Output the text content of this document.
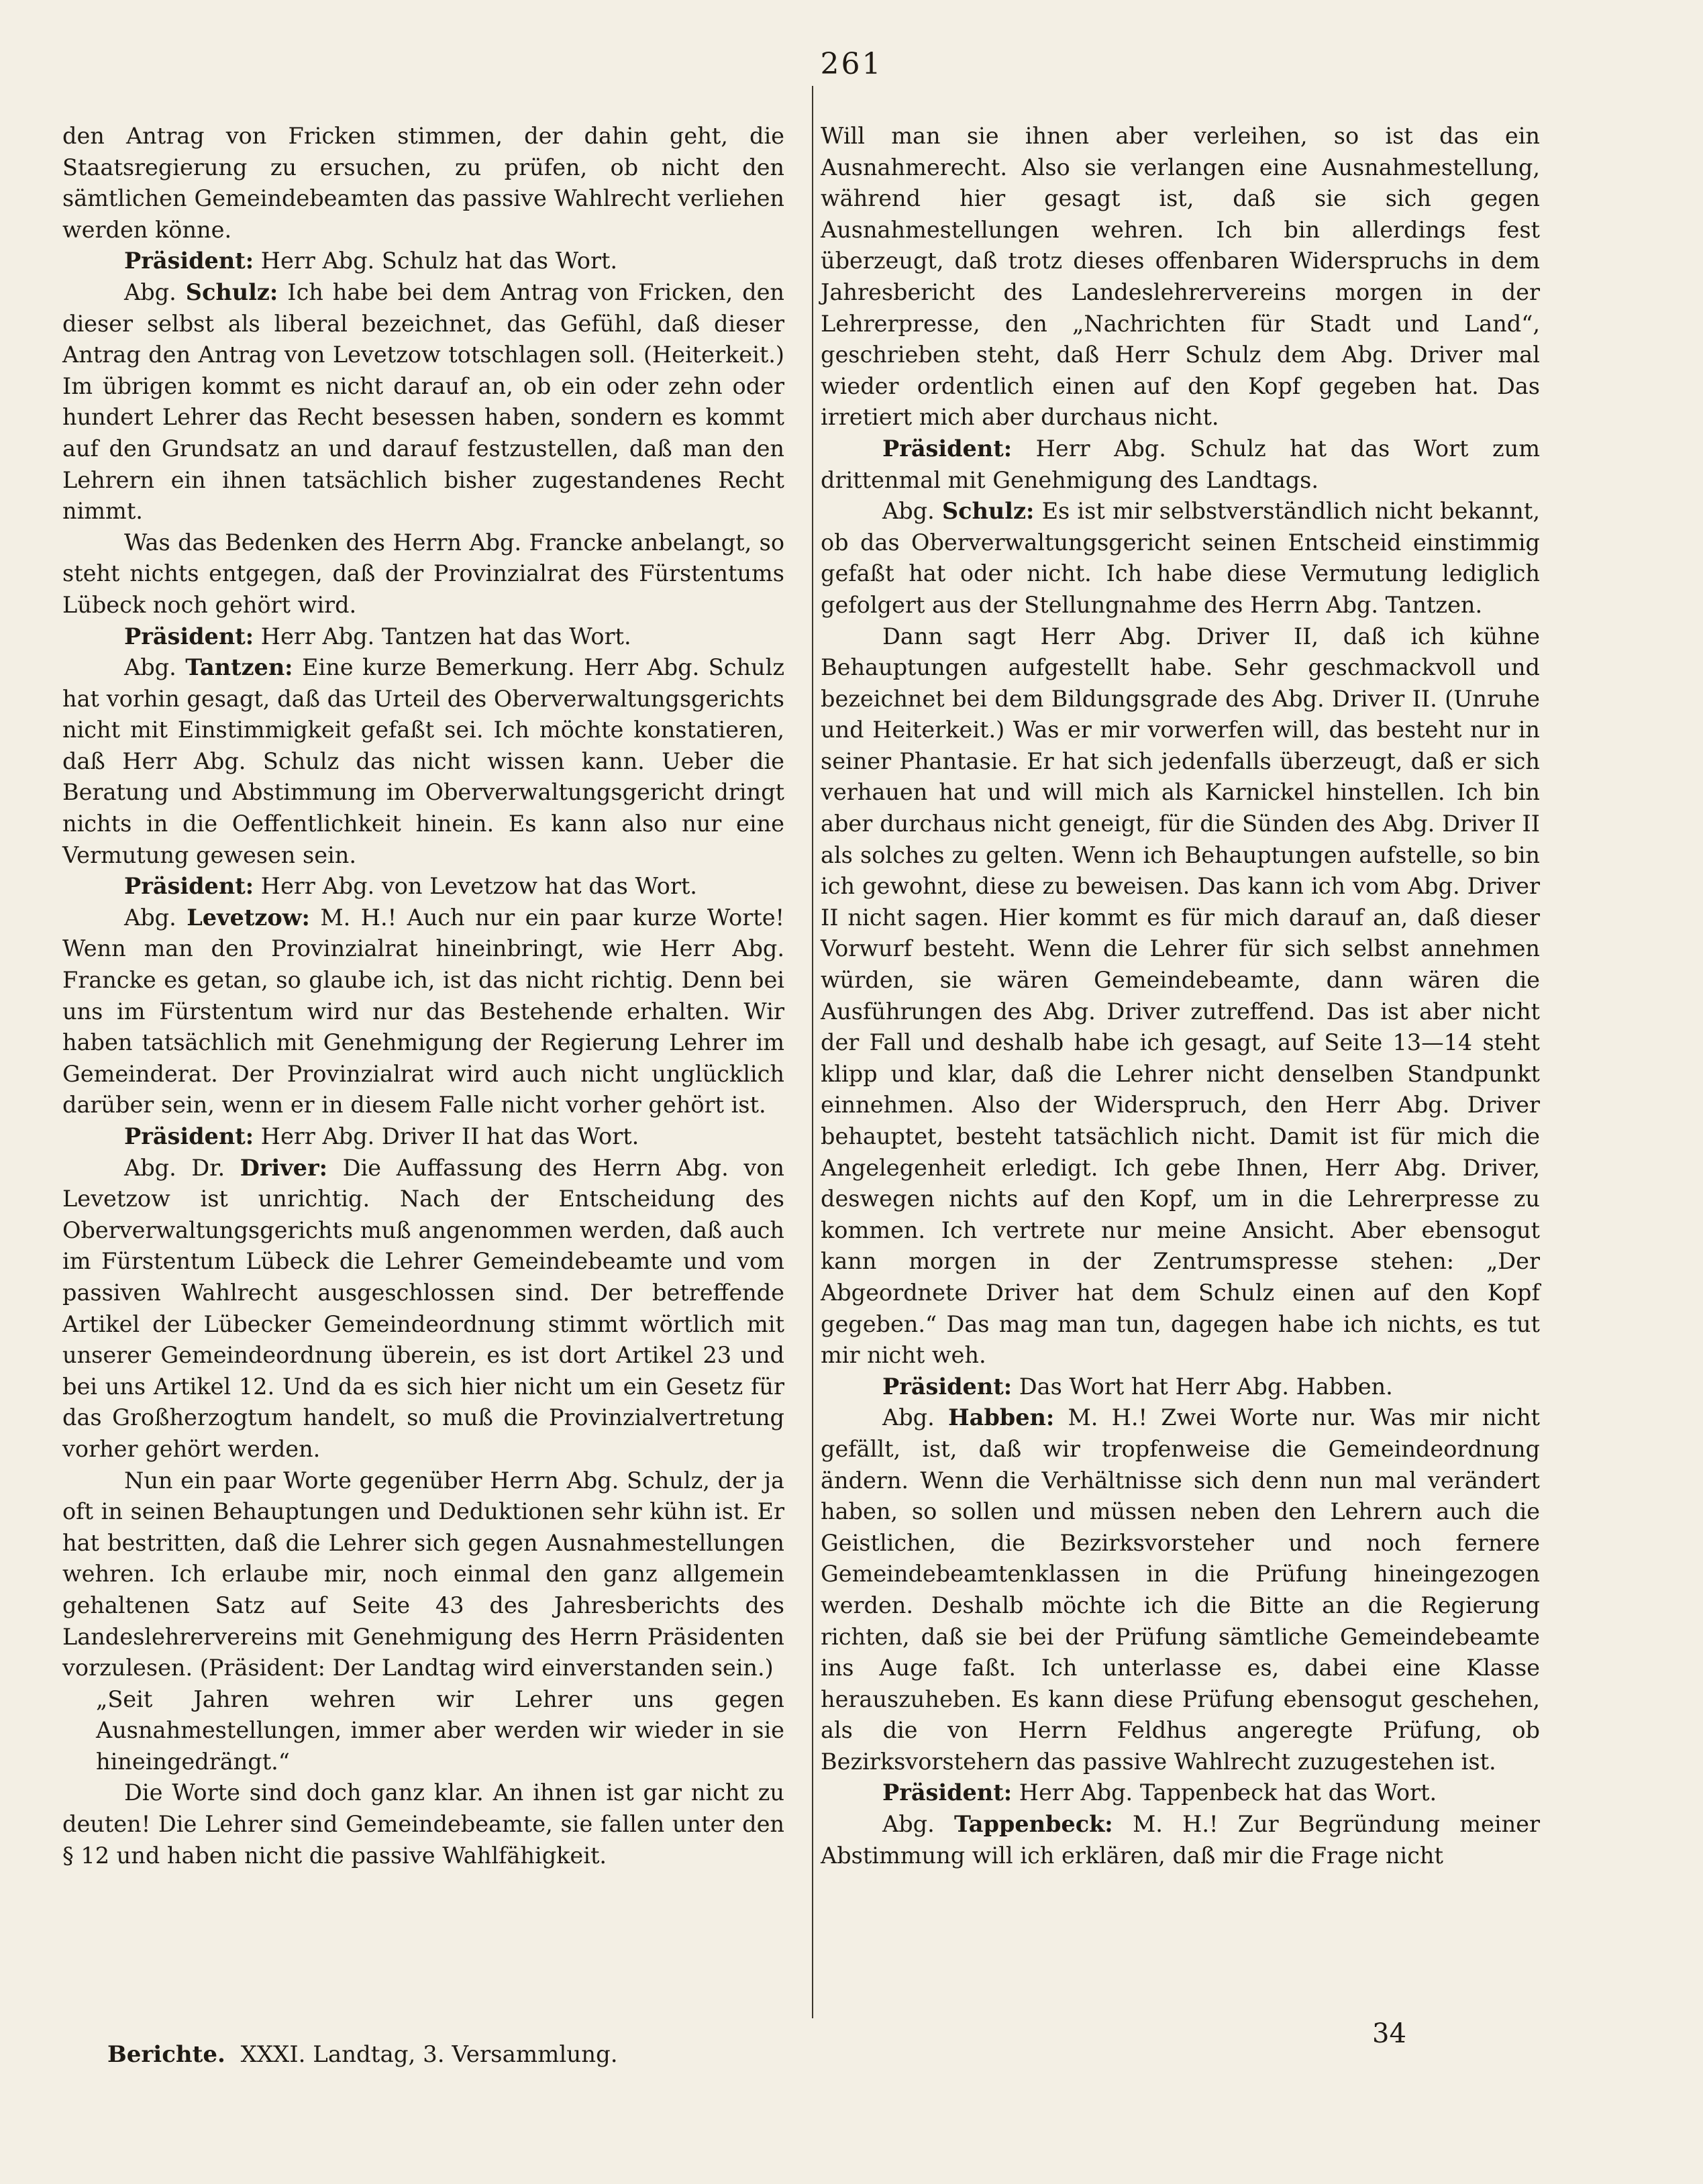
261

den Antrag von Fricken stimmen, der dahin geht, die Staatsregierung zu ersuchen, zu prüfen, ob nicht den sämtlichen Gemeindebeamten das passive Wahlrecht verliehen werden könne.

Präsident: Herr Abg. Schulz hat das Wort.

Abg. Schulz: Ich habe bei dem Antrag von Fricken, den dieser selbst als liberal bezeichnet, das Gefühl, daß dieser Antrag den Antrag von Levetzow totschlagen soll. (Heiterkeit.) Im übrigen kommt es nicht darauf an, ob ein oder zehn oder hundert Lehrer das Recht besessen haben, sondern es kommt auf den Grundsatz an und darauf festzustellen, daß man den Lehrern ein ihnen tatsächlich bisher zugestandenes Recht nimmt.

Was das Bedenken des Herrn Abg. Francke anbelangt, so steht nichts entgegen, daß der Provinzialrat des Fürstentums Lübeck noch gehört wird.

Präsident: Herr Abg. Tantzen hat das Wort.

Abg. Tantzen: Eine kurze Bemerkung. Herr Abg. Schulz hat vorhin gesagt, daß das Urteil des Oberverwaltungsgerichts nicht mit Einstimmigkeit gefaßt sei. Ich möchte konstatieren, daß Herr Abg. Schulz das nicht wissen kann. Ueber die Beratung und Abstimmung im Oberverwaltungsgericht dringt nichts in die Oeffentlichkeit hinein. Es kann also nur eine Vermutung gewesen sein.

Präsident: Herr Abg. von Levetzow hat das Wort.

Abg. Levetzow: M. H.! Auch nur ein paar kurze Worte! Wenn man den Provinzialrat hineinbringt, wie Herr Abg. Francke es getan, so glaube ich, ist das nicht richtig. Denn bei uns im Fürstentum wird nur das Bestehende erhalten. Wir haben tatsächlich mit Genehmigung der Regierung Lehrer im Gemeinderat. Der Provinzialrat wird auch nicht unglücklich darüber sein, wenn er in diesem Falle nicht vorher gehört ist.

Präsident: Herr Abg. Driver II hat das Wort.

Abg. Dr. Driver: Die Auffassung des Herrn Abg. von Levetzow ist unrichtig. Nach der Entscheidung des Oberverwaltungsgerichts muß angenommen werden, daß auch im Fürstentum Lübeck die Lehrer Gemeindebeamte und vom passiven Wahlrecht ausgeschlossen sind. Der betreffende Artikel der Lübecker Gemeindeordnung stimmt wörtlich mit unserer Gemeindeordnung überein, es ist dort Artikel 23 und bei uns Artikel 12. Und da es sich hier nicht um ein Gesetz für das Großherzogtum handelt, so muß die Provinzialvertretung vorher gehört werden.

Nun ein paar Worte gegenüber Herrn Abg. Schulz, der ja oft in seinen Behauptungen und Deduktionen sehr kühn ist. Er hat bestritten, daß die Lehrer sich gegen Ausnahmestellungen wehren. Ich erlaube mir, noch einmal den ganz allgemein gehaltenen Satz auf Seite 43 des Jahresberichts des Landeslehrervereins mit Genehmigung des Herrn Präsidenten vorzulesen. (Präsident: Der Landtag wird einverstanden sein.)

„Seit Jahren wehren wir Lehrer uns gegen Ausnahmestellungen, immer aber werden wir wieder in sie hineingedrängt.“

Die Worte sind doch ganz klar. An ihnen ist gar nicht zu deuten! Die Lehrer sind Gemeindebeamte, sie fallen unter den § 12 und haben nicht die passive Wahlfähigkeit.

Will man sie ihnen aber verleihen, so ist das ein Ausnahmerecht. Also sie verlangen eine Ausnahmestellung, während hier gesagt ist, daß sie sich gegen Ausnahmestellungen wehren. Ich bin allerdings fest überzeugt, daß trotz dieses offenbaren Widerspruchs in dem Jahresbericht des Landeslehrervereins morgen in der Lehrerpresse, den „Nachrichten für Stadt und Land“, geschrieben steht, daß Herr Schulz dem Abg. Driver mal wieder ordentlich einen auf den Kopf gegeben hat. Das irretiert mich aber durchaus nicht.

Präsident: Herr Abg. Schulz hat das Wort zum drittenmal mit Genehmigung des Landtags.

Abg. Schulz: Es ist mir selbstverständlich nicht bekannt, ob das Oberverwaltungsgericht seinen Entscheid einstimmig gefaßt hat oder nicht. Ich habe diese Vermutung lediglich gefolgert aus der Stellungnahme des Herrn Abg. Tantzen.

Dann sagt Herr Abg. Driver II, daß ich kühne Behauptungen aufgestellt habe. Sehr geschmackvoll und bezeichnet bei dem Bildungsgrade des Abg. Driver II. (Unruhe und Heiterkeit.) Was er mir vorwerfen will, das besteht nur in seiner Phantasie. Er hat sich jedenfalls überzeugt, daß er sich verhauen hat und will mich als Karnickel hinstellen. Ich bin aber durchaus nicht geneigt, für die Sünden des Abg. Driver II als solches zu gelten. Wenn ich Behauptungen aufstelle, so bin ich gewohnt, diese zu beweisen. Das kann ich vom Abg. Driver II nicht sagen. Hier kommt es für mich darauf an, daß dieser Vorwurf besteht. Wenn die Lehrer für sich selbst annehmen würden, sie wären Gemeindebeamte, dann wären die Ausführungen des Abg. Driver zutreffend. Das ist aber nicht der Fall und deshalb habe ich gesagt, auf Seite 13—14 steht klipp und klar, daß die Lehrer nicht denselben Standpunkt einnehmen. Also der Widerspruch, den Herr Abg. Driver behauptet, besteht tatsächlich nicht. Damit ist für mich die Angelegenheit erledigt. Ich gebe Ihnen, Herr Abg. Driver, deswegen nichts auf den Kopf, um in die Lehrerpresse zu kommen. Ich vertrete nur meine Ansicht. Aber ebensogut kann morgen in der Zentrumspresse stehen: „Der Abgeordnete Driver hat dem Schulz einen auf den Kopf gegeben.“ Das mag man tun, dagegen habe ich nichts, es tut mir nicht weh.

Präsident: Das Wort hat Herr Abg. Habben.

Abg. Habben: M. H.! Zwei Worte nur. Was mir nicht gefällt, ist, daß wir tropfenweise die Gemeindeordnung ändern. Wenn die Verhältnisse sich denn nun mal verändert haben, so sollen und müssen neben den Lehrern auch die Geistlichen, die Bezirksvorsteher und noch fernere Gemeindebeamtenklassen in die Prüfung hineingezogen werden. Deshalb möchte ich die Bitte an die Regierung richten, daß sie bei der Prüfung sämtliche Gemeindebeamte ins Auge faßt. Ich unterlasse es, dabei eine Klasse herauszuheben. Es kann diese Prüfung ebensogut geschehen, als die von Herrn Feldhus angeregte Prüfung, ob Bezirksvorstehern das passive Wahlrecht zuzugestehen ist.

Präsident: Herr Abg. Tappenbeck hat das Wort.

Abg. Tappenbeck: M. H.! Zur Begründung meiner Abstimmung will ich erklären, daß mir die Frage nicht

Berichte. XXXI. Landtag, 3. Versammlung.
34
